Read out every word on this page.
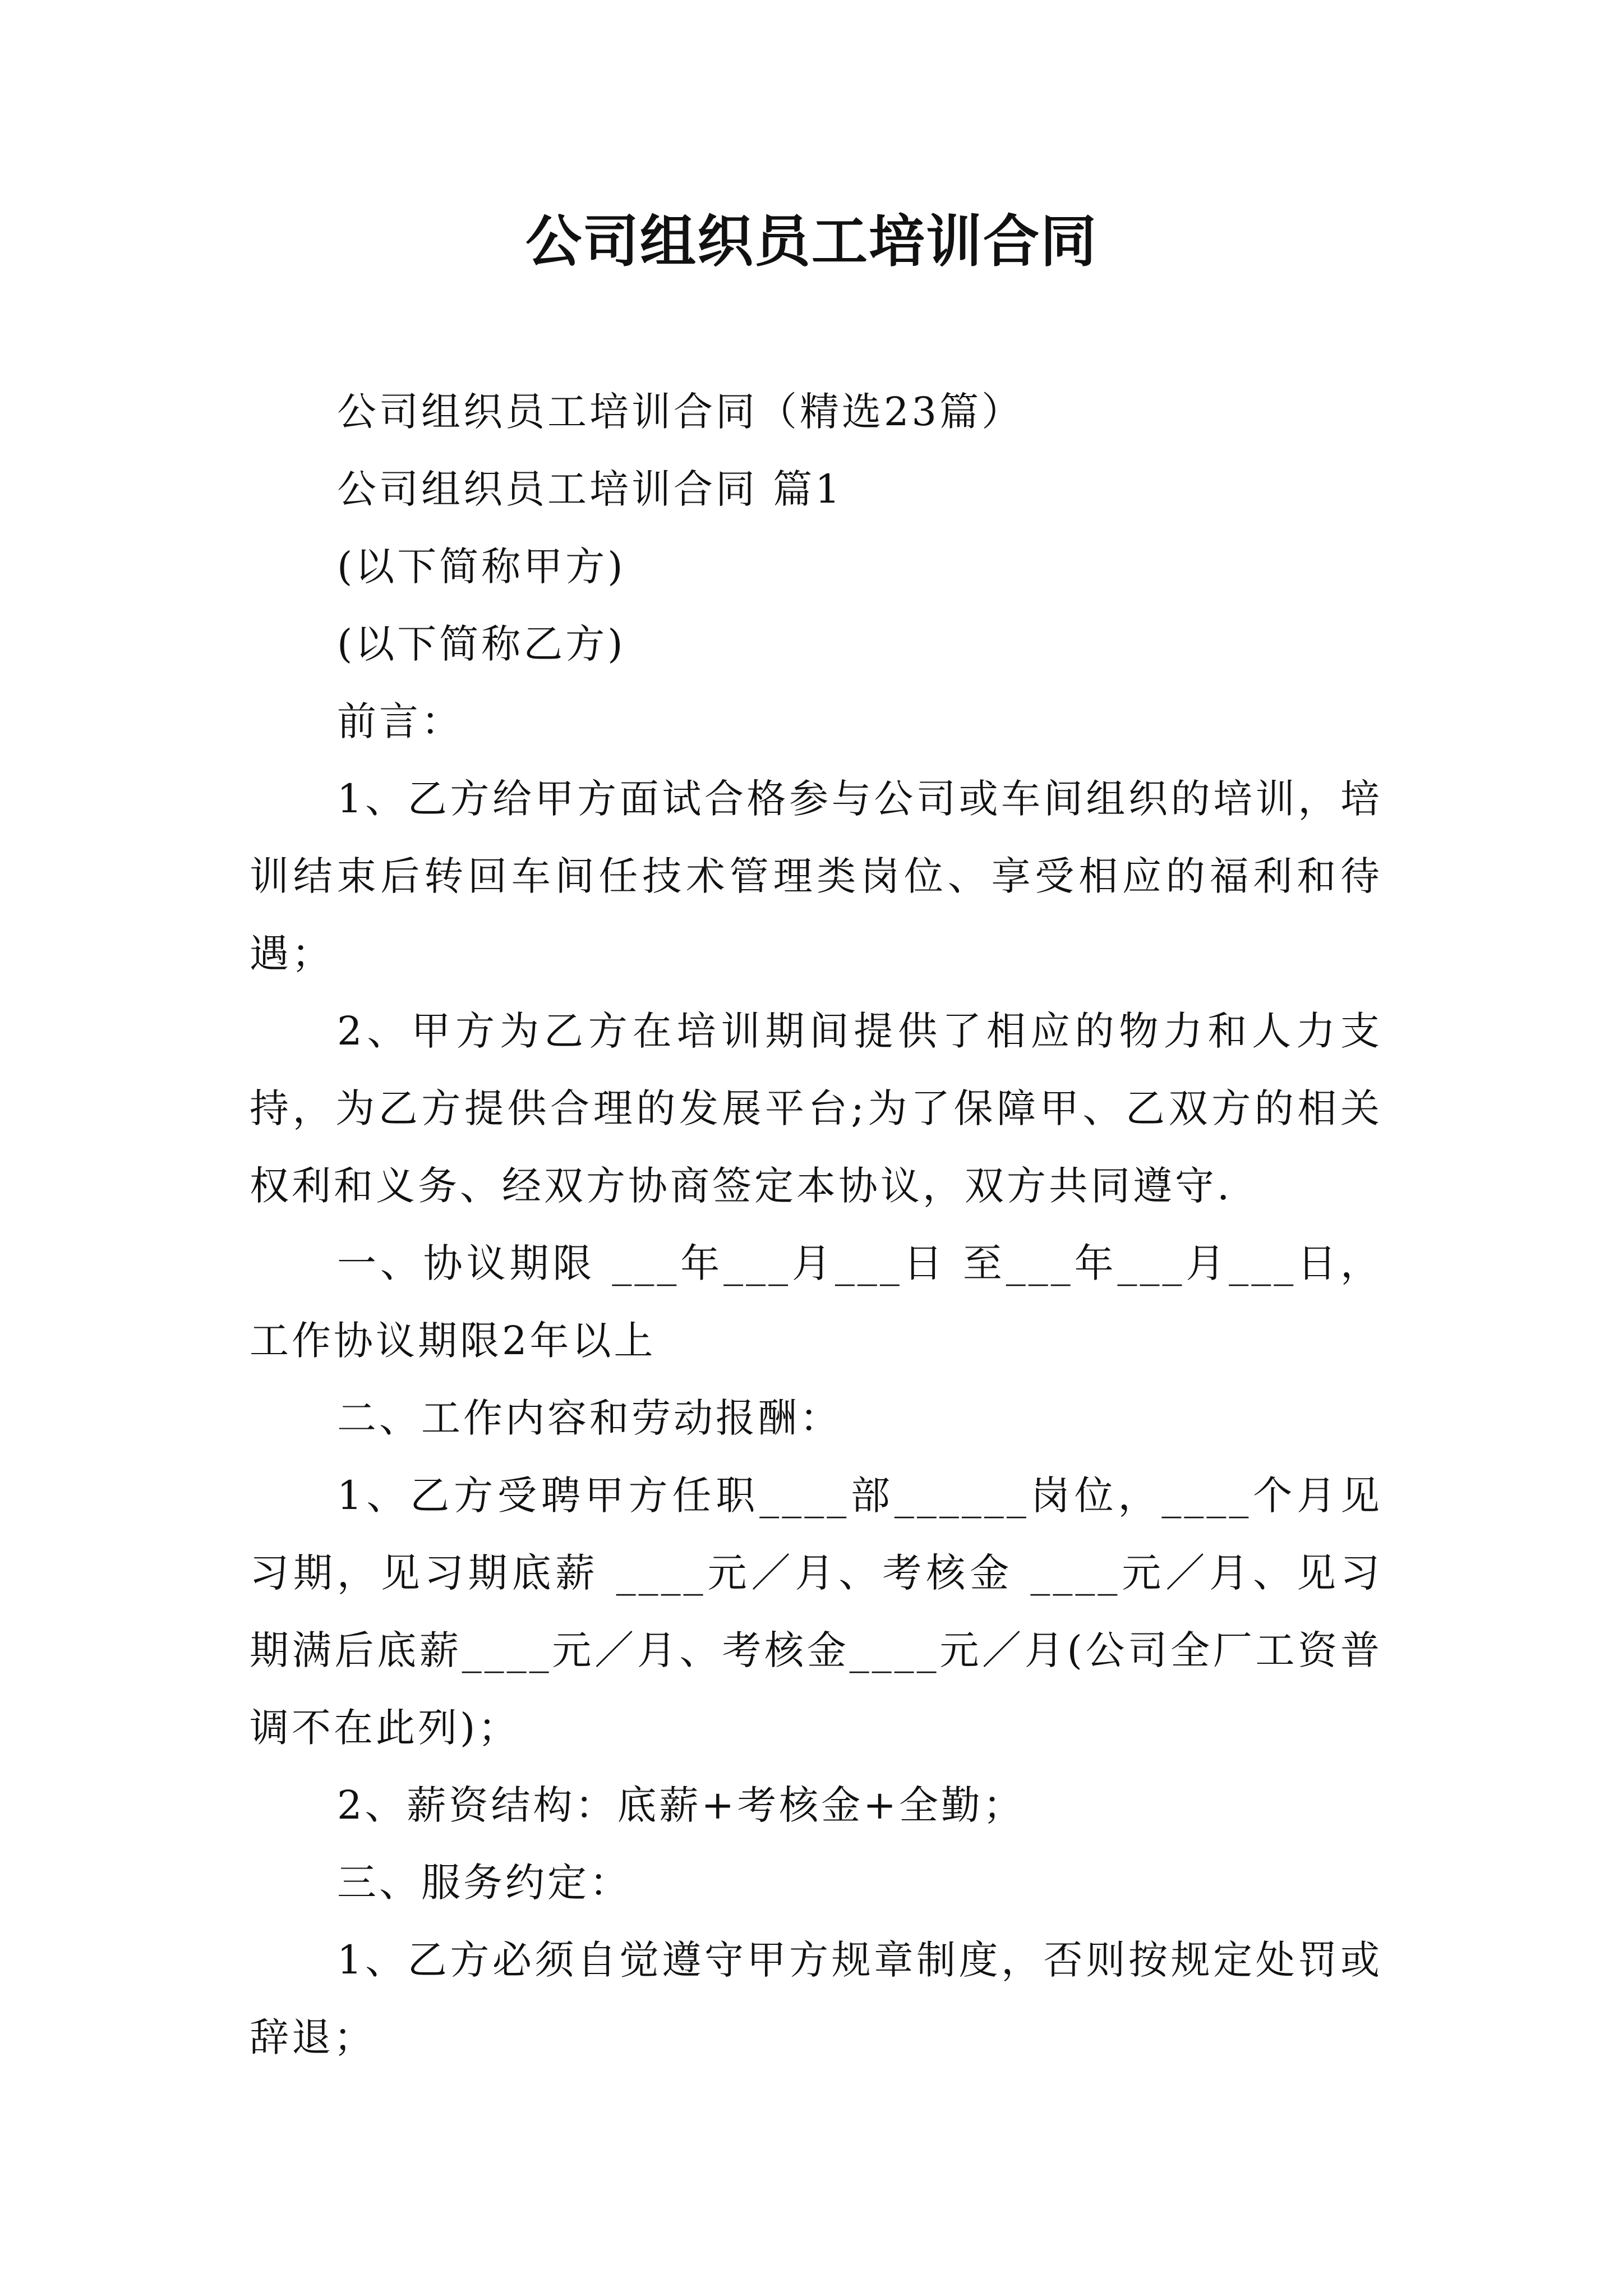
公司组织员工培训合同

公司组织员工培训合同（精选23篇）

公司组织员工培训合同 篇1

(以下简称甲方)

(以下简称乙方)

前言：

1、乙方给甲方面试合格参与公司或车间组织的培训，培训结束后转回车间任技术管理类岗位、享受相应的福利和待遇；

2、甲方为乙方在培训期间提供了相应的物力和人力支持，为乙方提供合理的发展平台;为了保障甲、乙双方的相关权利和义务、经双方协商签定本协议，双方共同遵守.

一、协议期限 ___年___月___日 至___年___月___日，工作协议期限2年以上

二、工作内容和劳动报酬：

1、乙方受聘甲方任职____部______岗位，____个月见习期，见习期底薪 ____元／月、考核金 ____元／月、见习期满后底薪____元／月、考核金____元／月(公司全厂工资普调不在此列)；

2、薪资结构：底薪+考核金+全勤；

三、服务约定：

1、乙方必须自觉遵守甲方规章制度，否则按规定处罚或辞退；
